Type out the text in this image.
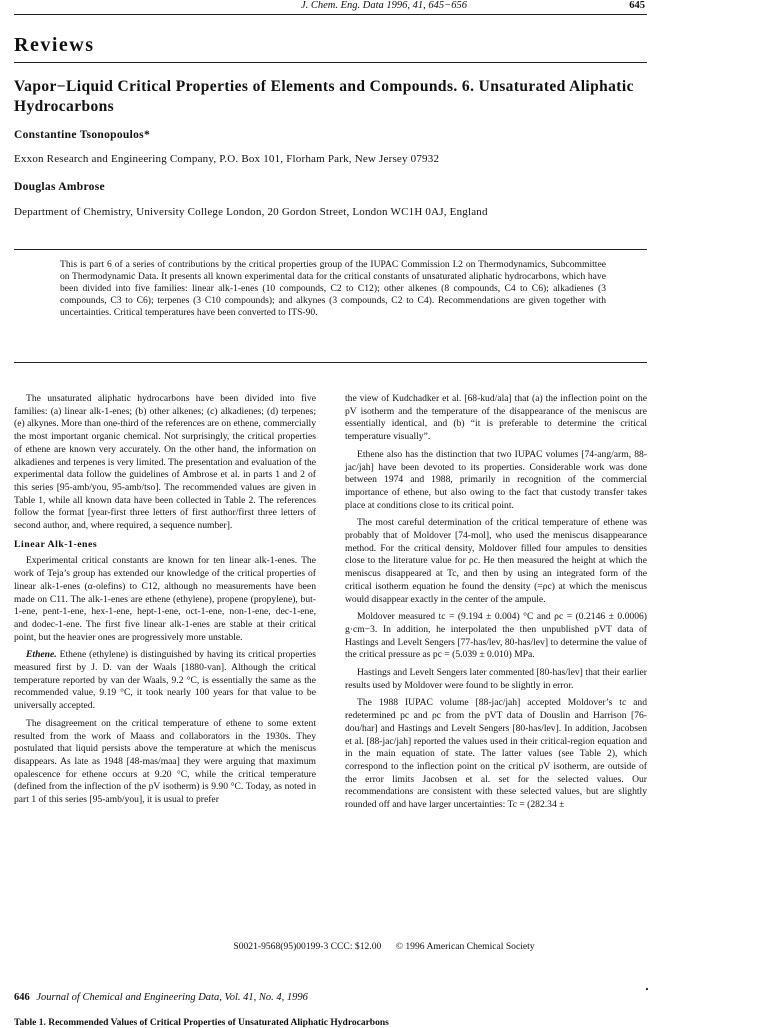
J. Chem. Eng. Data 1996, 41, 645−656	645
Reviews
Vapor−Liquid Critical Properties of Elements and Compounds. 6. Unsaturated Aliphatic Hydrocarbons
Constantine Tsonopoulos*
Exxon Research and Engineering Company, P.O. Box 101, Florham Park, New Jersey 07932
Douglas Ambrose
Department of Chemistry, University College London, 20 Gordon Street, London WC1H 0AJ, England
This is part 6 of a series of contributions by the critical properties group of the IUPAC Commission I.2 on Thermodynamics, Subcommittee on Thermodynamic Data. It presents all known experimental data for the critical constants of unsaturated aliphatic hydrocarbons, which have been divided into five families: linear alk-1-enes (10 compounds, C2 to C12); other alkenes (8 compounds, C4 to C6); alkadienes (3 compounds, C3 to C6); terpenes (3 C10 compounds); and alkynes (3 compounds, C2 to C4). Recommendations are given together with uncertainties. Critical temperatures have been converted to ITS-90.

The unsaturated aliphatic hydrocarbons have been divided into five families: (a) linear alk-1-enes; (b) other alkenes; (c) alkadienes; (d) terpenes; (e) alkynes. More than one-third of the references are on ethene, commercially the most important organic chemical. Not surprisingly, the critical properties of ethene are known very accurately. On the other hand, the information on alkadienes and terpenes is very limited. The presentation and evaluation of the experimental data follow the guidelines of Ambrose et al. in parts 1 and 2 of this series [95-amb/you, 95-amb/tso]. The recommended values are given in Table 1, while all known data have been collected in Table 2. The references follow the format [year-first three letters of first author/first three letters of second author, and, where required, a sequence number].

Linear Alk-1-enes

Experimental critical constants are known for ten linear alk-1-enes. The work of Teja’s group has extended our knowledge of the critical properties of linear alk-1-enes (α-olefins) to C12, although no measurements have been made on C11. The alk-1-enes are ethene (ethylene), propene (propylene), but-1-ene, pent-1-ene, hex-1-ene, hept-1-ene, oct-1-ene, non-1-ene, dec-1-ene, and dodec-1-ene. The first five linear alk-1-enes are stable at their critical point, but the heavier ones are progressively more unstable.

Ethene. Ethene (ethylene) is distinguished by having its critical properties measured first by J. D. van der Waals [1880-van]. Although the critical temperature reported by van der Waals, 9.2 °C, is essentially the same as the recommended value, 9.19 °C, it took nearly 100 years for that value to be universally accepted.

The disagreement on the critical temperature of ethene to some extent resulted from the work of Maass and collaborators in the 1930s. They postulated that liquid persists above the temperature at which the meniscus disappears. As late as 1948 [48-mas/maa] they were arguing that maximum opalescence for ethene occurs at 9.20 °C, while the critical temperature (defined from the inflection of the pV isotherm) is 9.90 °C. Today, as noted in part 1 of this series [95-amb/you], it is usual to prefer

the view of Kudchadker et al. [68-kud/ala] that (a) the inflection point on the pV isotherm and the temperature of the disappearance of the meniscus are essentially identical, and (b) “it is preferable to determine the critical temperature visually”.

Ethene also has the distinction that two IUPAC volumes [74-ang/arm, 88-jac/jah] have been devoted to its properties. Considerable work was done between 1974 and 1988, primarily in recognition of the commercial importance of ethene, but also owing to the fact that custody transfer takes place at conditions close to its critical point.

The most careful determination of the critical temperature of ethene was probably that of Moldover [74-mol], who used the meniscus disappearance method. For the critical density, Moldover filled four ampules to densities close to the literature value for ρc. He then measured the height at which the meniscus disappeared at Tc, and then by using an integrated form of the critical isotherm equation he found the density (=ρc) at which the meniscus would disappear exactly in the center of the ampule.

Moldover measured tc = (9.194 ± 0.004) °C and ρc = (0.2146 ± 0.0006) g·cm−3. In addition, he interpolated the then unpublished pVT data of Hastings and Levelt Sengers [77-has/lev, 80-has/lev] to determine the value of the critical pressure as pc = (5.039 ± 0.010) MPa.

Hastings and Levelt Sengers later commented [80-has/lev] that their earlier results used by Moldover were found to be slightly in error.

The 1988 IUPAC volume [88-jac/jah] accepted Moldover’s tc and redetermined pc and ρc from the pVT data of Douslin and Harrison [76-dou/har] and Hastings and Levelt Sengers [80-has/lev]. In addition, Jacobsen et al. [88-jac/jah] reported the values used in their critical-region equation and in the main equation of state. The latter values (see Table 2), which correspond to the inflection point on the critical pV isotherm, are outside of the error limits Jacobsen et al. set for the selected values. Our recommendations are consistent with these selected values, but are slightly rounded off and have larger uncertainties: Tc = (282.34 ±

S0021-9568(95)00199-3 CCC: $12.00 © 1996 American Chemical Society
646 Journal of Chemical and Engineering Data, Vol. 41, No. 4, 1996
Table 1. Recommended Values of Critical Properties of Unsaturated Aliphatic Hydrocarbons
